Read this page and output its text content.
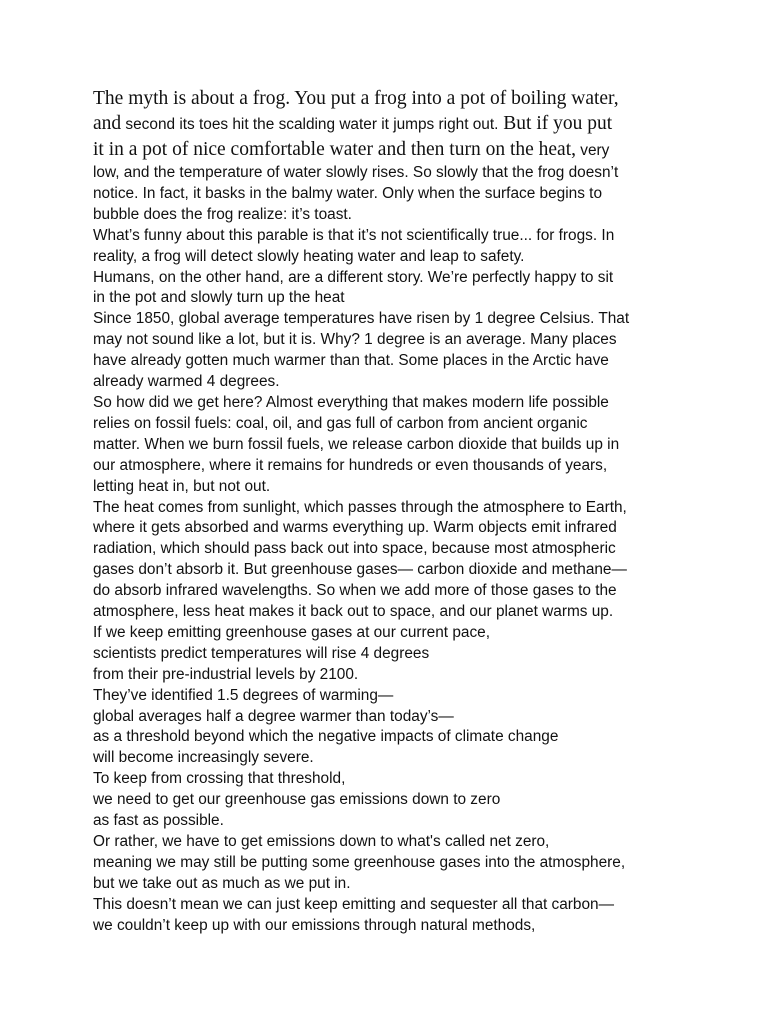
The myth is about a frog. You put a frog into a pot of boiling water,
and second its toes hit the scalding water it jumps right out. But if you put
it in a pot of nice comfortable water and then turn on the heat, very
low, and the temperature of water slowly rises. So slowly that the frog doesn’t
notice. In fact, it basks in the balmy water. Only when the surface begins to
bubble does the frog realize: it’s toast.
What’s funny about this parable is that it’s not scientifically true... for frogs. In
reality, a frog will detect slowly heating water and leap to safety.
Humans, on the other hand, are a different story. We’re perfectly happy to sit
in the pot and slowly turn up the heat
Since 1850, global average temperatures have risen by 1 degree Celsius. That
may not sound like a lot, but it is. Why? 1 degree is an average. Many places
have already gotten much warmer than that. Some places in the Arctic have
already warmed 4 degrees.
So how did we get here? Almost everything that makes modern life possible
relies on fossil fuels: coal, oil, and gas full of carbon from ancient organic
matter. When we burn fossil fuels, we release carbon dioxide that builds up in
our atmosphere, where it remains for hundreds or even thousands of years,
letting heat in, but not out.
The heat comes from sunlight, which passes through the atmosphere to Earth,
where it gets absorbed and warms everything up. Warm objects emit infrared
radiation, which should pass back out into space, because most atmospheric
gases don’t absorb it. But greenhouse gases— carbon dioxide and methane—
do absorb infrared wavelengths. So when we add more of those gases to the
atmosphere, less heat makes it back out to space, and our planet warms up.
If we keep emitting greenhouse gases at our current pace,
scientists predict temperatures will rise 4 degrees
from their pre-industrial levels by 2100.
They’ve identified 1.5 degrees of warming—
global averages half a degree warmer than today’s—
as a threshold beyond which the negative impacts of climate change
will become increasingly severe.
To keep from crossing that threshold,
we need to get our greenhouse gas emissions down to zero
as fast as possible.
Or rather, we have to get emissions down to what's called net zero,
meaning we may still be putting some greenhouse gases into the atmosphere,
but we take out as much as we put in.
This doesn’t mean we can just keep emitting and sequester all that carbon—
we couldn’t keep up with our emissions through natural methods,
